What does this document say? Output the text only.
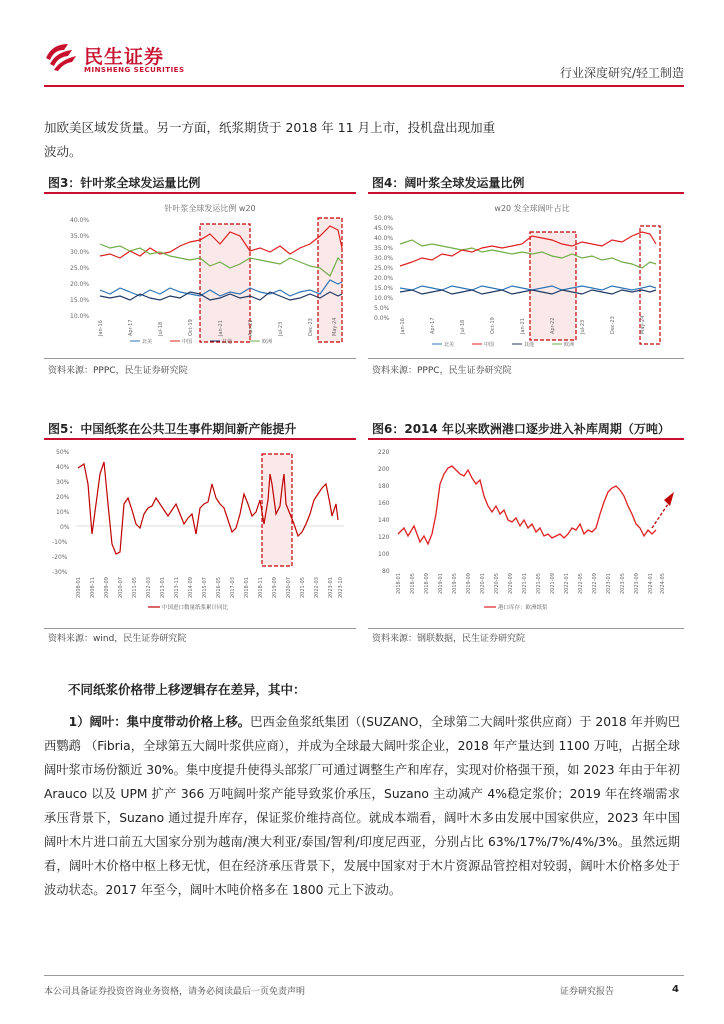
民生证券
MINSHENG SECURITIES	行业深度研究/轻工制造
加欧美区域发货量。另一方面，纸浆期货于 2018 年 11 月上市，投机盘出现加重
波动。
图3：针叶浆全球发运量比例
针叶浆全球发运比例 w20
40.0%
35.0%
30.0%
25.0%
20.0%
15.0%
10.0%
Jan-16	Apr-17	Jul-18	Oct-19	Jan-21	Apr-22	Jul-23	Dec-23	May-24
北美	中国	其他	欧洲
资料来源：PPPC，民生证券研究院
图4：阔叶浆全球发运量比例
w20 发全球阔叶占比
50.0%
45.0%
40.0%
35.0%
30.0%
25.0%
20.0%
15.0%
10.0%
5.0%
0.0% Jan-16	Apr-17	Jul-18	Oct-19	Jan-21	Apr-22	Jul-23	Dec-23	May-24
北美	中国	其他	欧洲
资料来源：PPPC，民生证券研究院
图5：中国纸浆在公共卫生事件期间新产能提升
50%
40%
30%
20%
10%
0%
-10%
-20%
-30%
2008-01 2008-11 2009-09 2010-07 2011-05 2012-03 2013-01 2013-11 2014-09 2015-07 2016-05 2017-03 2018-01 2018-11 2019-09 2020-07 2021-05 2022-03 2023-01 2023-10
中国进口数量纸浆累计同比
资料来源：wind，民生证券研究院
图6：2014 年以来欧洲港口逐步进入补库周期（万吨）
220
200
180
160
140
120
100
80
2018-01 2018-05 2018-09 2019-01 2019-05 2019-09 2020-01 2020-05 2020-09 2021-01 2021-05 2021-09 2022-01 2022-05 2022-09 2023-01 2023-05 2023-09 2024-01 2024-05
港口库存：欧洲纸浆
资料来源：钢联数据，民生证券研究院
不同纸浆价格带上移逻辑存在差异，其中：

1）阔叶：集中度带动价格上移。巴西金鱼浆纸集团（(SUZANO，全球第二大阔叶浆供应商）于 2018 年并购巴西鹦鹉 （Fibria，全球第五大阔叶浆供应商），并成为全球最大阔叶浆企业，2018 年产量达到 1100 万吨，占据全球阔叶浆市场份额近 30%。集中度提升使得头部浆厂可通过调整生产和库存，实现对价格强干预，如 2023 年由于年初 Arauco 以及 UPM 扩产 366 万吨阔叶浆产能导致浆价承压，Suzano 主动减产 4%稳定浆价；2019 年在终端需求承压背景下，Suzano 通过提升库存，保证浆价维持高位。就成本端看，阔叶木多由发展中国家供应，2023 年中国阔叶木片进口前五大国家分别为越南/澳大利亚/泰国/智利/印度尼西亚，分别占比 63%/17%/7%/4%/3%。虽然远期看，阔叶木价格中枢上移无忧，但在经济承压背景下，发展中国家对于木片资源品管控相对较弱，阔叶木价格多处于波动状态。2017 年至今，阔叶木吨价格多在 1800 元上下波动。

本公司具备证券投资咨询业务资格，请务必阅读最后一页免责声明	证券研究报告	4
